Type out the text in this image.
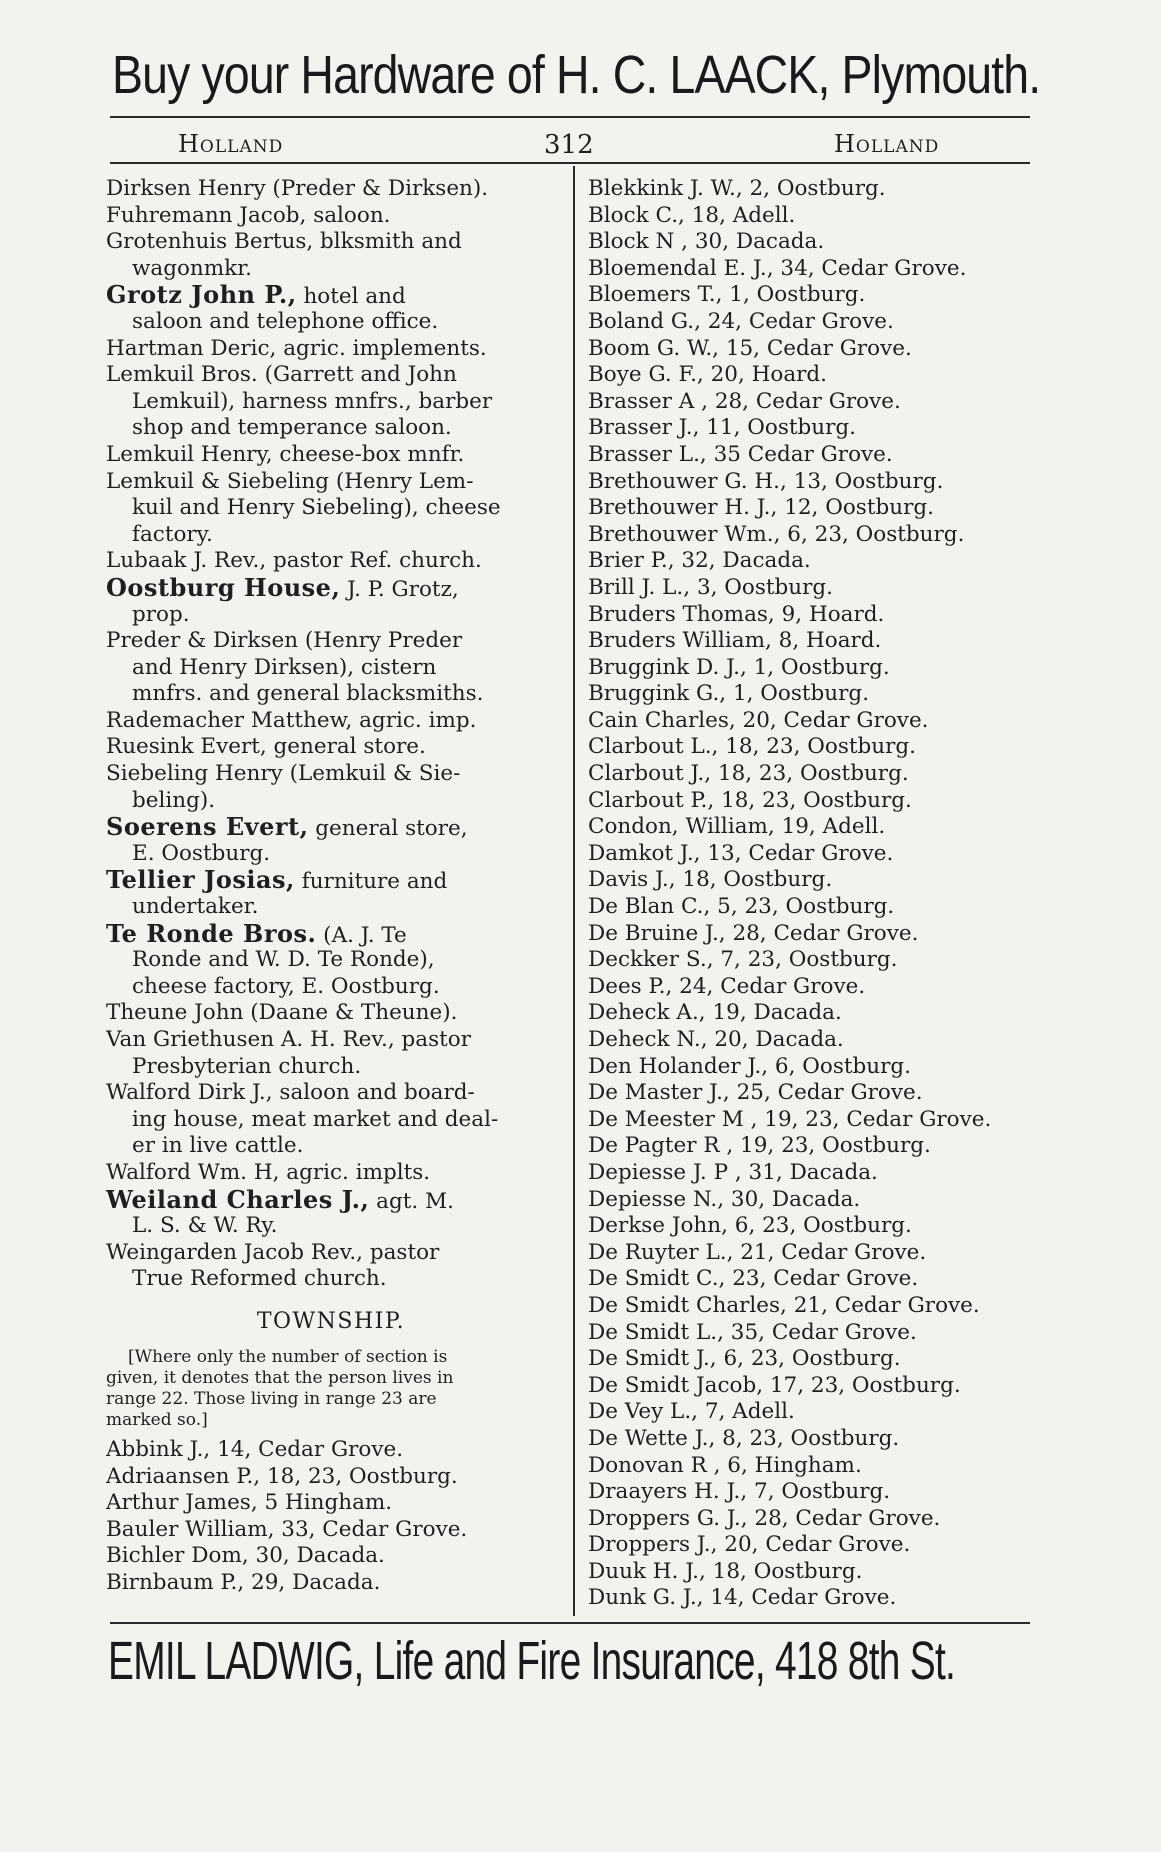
Buy your Hardware of H. C. LAACK, Plymouth.
Holland	312	Holland
Dirksen Henry (Preder & Dirksen).
Fuhremann Jacob, saloon.
Grotenhuis Bertus, blksmith and
wagonmkr.
Grotz John P., hotel and
saloon and telephone office.
Hartman Deric, agric. implements.
Lemkuil Bros. (Garrett and John
Lemkuil), harness mnfrs., barber
shop and temperance saloon.
Lemkuil Henry, cheese-box mnfr.
Lemkuil & Siebeling (Henry Lem-
kuil and Henry Siebeling), cheese
factory.
Lubaak J. Rev., pastor Ref. church.
Oostburg House, J. P. Grotz,
prop.
Preder & Dirksen (Henry Preder
and Henry Dirksen), cistern
mnfrs. and general blacksmiths.
Rademacher Matthew, agric. imp.
Ruesink Evert, general store.
Siebeling Henry (Lemkuil & Sie-
beling).
Soerens Evert, general store,
E. Oostburg.
Tellier Josias, furniture and
undertaker.
Te Ronde Bros. (A. J. Te
Ronde and W. D. Te Ronde),
cheese factory, E. Oostburg.
Theune John (Daane & Theune).
Van Griethusen A. H. Rev., pastor
Presbyterian church.
Walford Dirk J., saloon and board-
ing house, meat market and deal-
er in live cattle.
Walford Wm. H, agric. implts.
Weiland Charles J., agt. M.
L. S. & W. Ry.
Weingarden Jacob Rev., pastor
True Reformed church.
TOWNSHIP.
[Where only the number of section is
given, it denotes that the person lives in
range 22. Those living in range 23 are
marked so.]
Abbink J., 14, Cedar Grove.
Adriaansen P., 18, 23, Oostburg.
Arthur James, 5 Hingham.
Bauler William, 33, Cedar Grove.
Bichler Dom, 30, Dacada.
Birnbaum P., 29, Dacada.
Blekkink J. W., 2, Oostburg.
Block C., 18, Adell.
Block N , 30, Dacada.
Bloemendal E. J., 34, Cedar Grove.
Bloemers T., 1, Oostburg.
Boland G., 24, Cedar Grove.
Boom G. W., 15, Cedar Grove.
Boye G. F., 20, Hoard.
Brasser A , 28, Cedar Grove.
Brasser J., 11, Oostburg.
Brasser L., 35 Cedar Grove.
Brethouwer G. H., 13, Oostburg.
Brethouwer H. J., 12, Oostburg.
Brethouwer Wm., 6, 23, Oostburg.
Brier P., 32, Dacada.
Brill J. L., 3, Oostburg.
Bruders Thomas, 9, Hoard.
Bruders William, 8, Hoard.
Bruggink D. J., 1, Oostburg.
Bruggink G., 1, Oostburg.
Cain Charles, 20, Cedar Grove.
Clarbout L., 18, 23, Oostburg.
Clarbout J., 18, 23, Oostburg.
Clarbout P., 18, 23, Oostburg.
Condon, William, 19, Adell.
Damkot J., 13, Cedar Grove.
Davis J., 18, Oostburg.
De Blan C., 5, 23, Oostburg.
De Bruine J., 28, Cedar Grove.
Deckker S., 7, 23, Oostburg.
Dees P., 24, Cedar Grove.
Deheck A., 19, Dacada.
Deheck N., 20, Dacada.
Den Holander J., 6, Oostburg.
De Master J., 25, Cedar Grove.
De Meester M , 19, 23, Cedar Grove.
De Pagter R , 19, 23, Oostburg.
Depiesse J. P , 31, Dacada.
Depiesse N., 30, Dacada.
Derkse John, 6, 23, Oostburg.
De Ruyter L., 21, Cedar Grove.
De Smidt C., 23, Cedar Grove.
De Smidt Charles, 21, Cedar Grove.
De Smidt L., 35, Cedar Grove.
De Smidt J., 6, 23, Oostburg.
De Smidt Jacob, 17, 23, Oostburg.
De Vey L., 7, Adell.
De Wette J., 8, 23, Oostburg.
Donovan R , 6, Hingham.
Draayers H. J., 7, Oostburg.
Droppers G. J., 28, Cedar Grove.
Droppers J., 20, Cedar Grove.
Duuk H. J., 18, Oostburg.
Dunk G. J., 14, Cedar Grove.
EMIL LADWIG, Life and Fire Insurance, 418 8th St.
